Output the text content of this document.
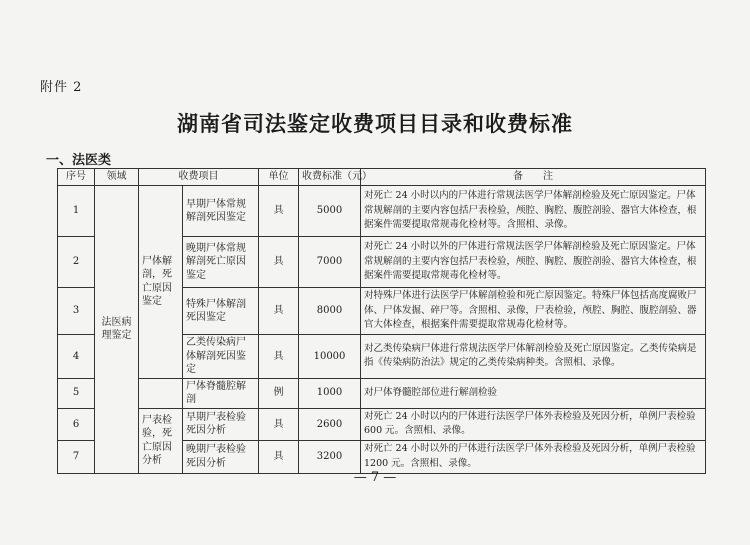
附件 2
湖南省司法鉴定收费项目目录和收费标准
一、法医类
序号	领域	收费项目		单位	收费标准（元）	备　　注
1	法医病理鉴定	尸体解剖，死亡原因鉴定	早期尸体常规解剖死因鉴定	具	5000	对死亡 24 小时以内的尸体进行常规法医学尸体解剖检验及死亡原因鉴定。尸体常规解剖的主要内容包括尸表检验，颅腔、胸腔、腹腔剖验、器官大体检查，根据案件需要提取常规毒化检材等。含照相、录像。
2			晚期尸体常规解剖死亡原因鉴定	具	7000	对死亡 24 小时以外的尸体进行常规法医学尸体解剖检验及死亡原因鉴定。尸体常规解剖的主要内容包括尸表检验，颅腔、胸腔、腹腔剖验、器官大体检查，根据案件需要提取常规毒化检材等。
3			特殊尸体解剖死因鉴定	具	8000	对特殊尸体进行法医学尸体解剖检验和死亡原因鉴定。特殊尸体包括高度腐败尸体、尸体发掘、碎尸等。含照相、录像，尸表检验，颅腔、胸腔、腹腔剖验、器官大体检查，根据案件需要提取常规毒化检材等。
4			乙类传染病尸体解剖死因鉴定	具	10000	对乙类传染病尸体进行常规法医学尸体解剖检验及死亡原因鉴定。乙类传染病是指《传染病防治法》规定的乙类传染病种类。含照相、录像。
5			尸体脊髓腔解剖	例	1000	对尸体脊髓腔部位进行解剖检验
6		尸表检验，死亡原因分析	早期尸表检验死因分析	具	2600	对死亡 24 小时以内的尸体进行法医学尸体外表检验及死因分析，单例尸表检验 600 元。含照相、录像。
7			晚期尸表检验死因分析	具	3200	对死亡 24 小时以外的尸体进行法医学尸体外表检验及死因分析，单例尸表检验 1200 元。含照相、录像。
— 7 —
